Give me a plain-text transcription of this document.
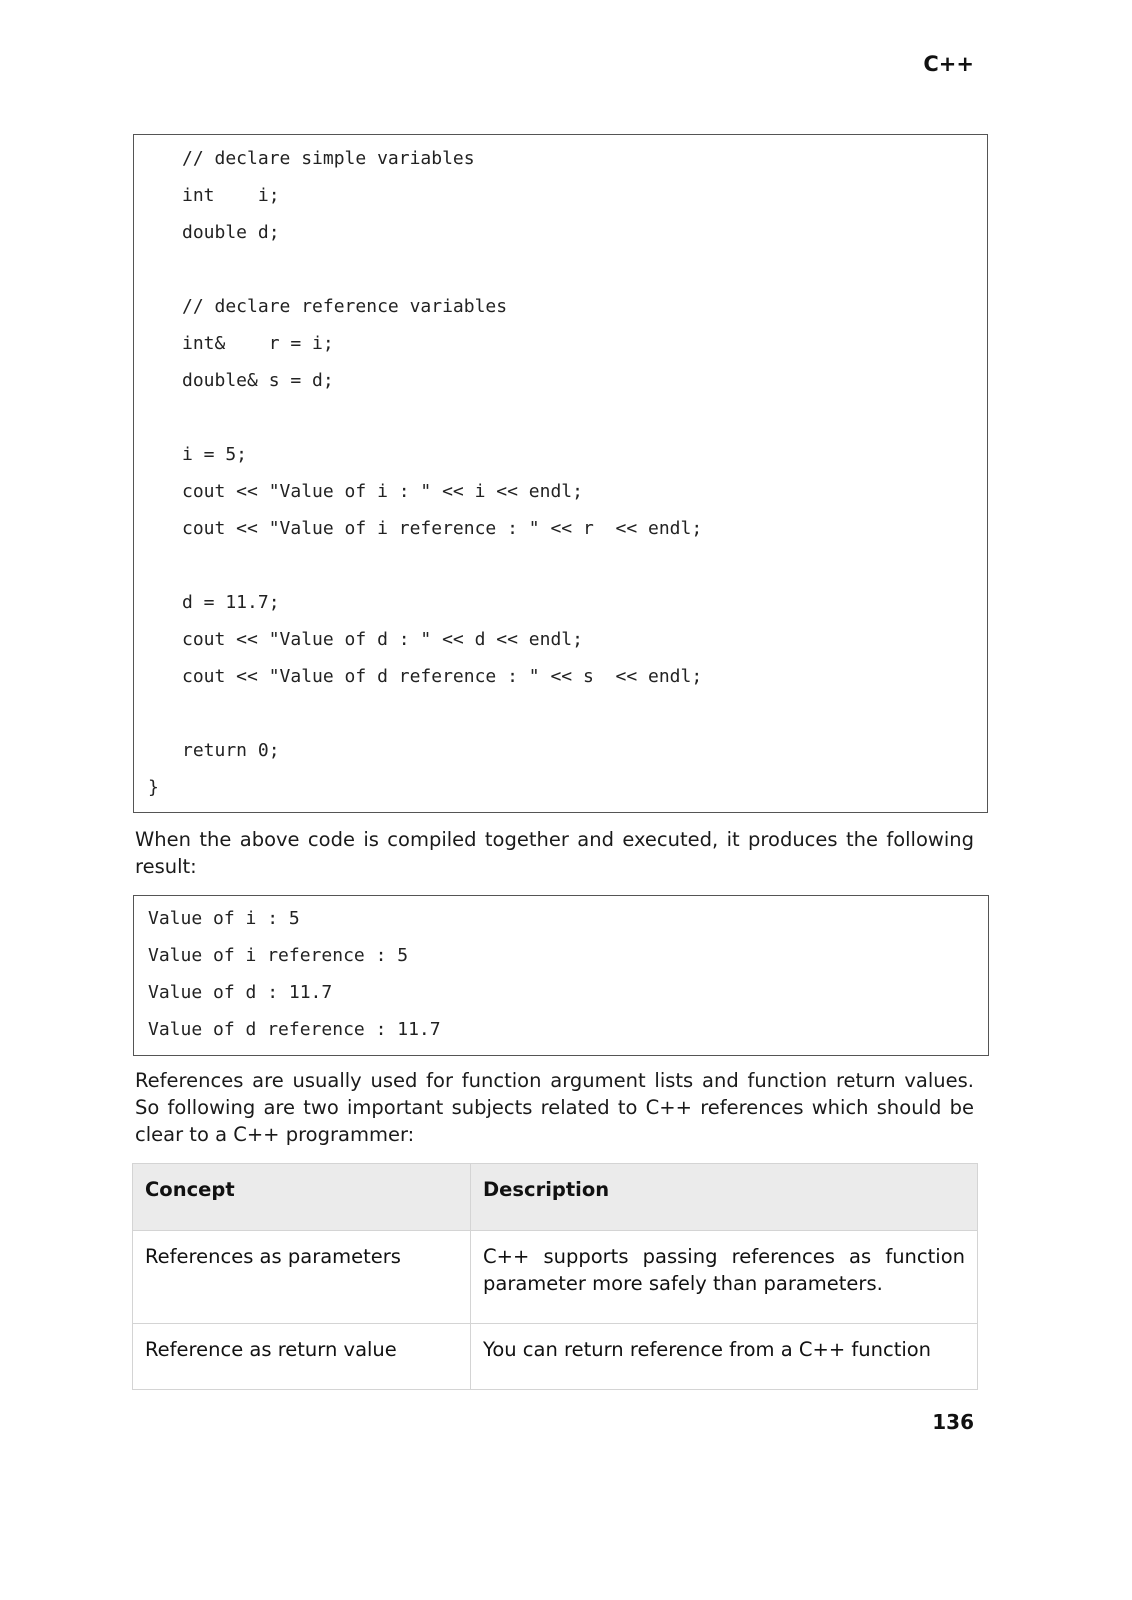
C++
// declare simple variables
int    i;
double d;
// declare reference variables
int&    r = i;
double& s = d;
i = 5;
cout << "Value of i : " << i << endl;
cout << "Value of i reference : " << r  << endl;
d = 11.7;
cout << "Value of d : " << d << endl;
cout << "Value of d reference : " << s  << endl;
return 0;
}
When the above code is compiled together and executed, it produces the following result:
Value of i : 5
Value of i reference : 5
Value of d : 11.7
Value of d reference : 11.7
References are usually used for function argument lists and function return values. So following are two important subjects related to C++ references which should be clear to a C++ programmer:
Concept	Description
References as parameters	C++ supports passing references as function parameter more safely than parameters.
Reference as return value	You can return reference from a C++ function
136
